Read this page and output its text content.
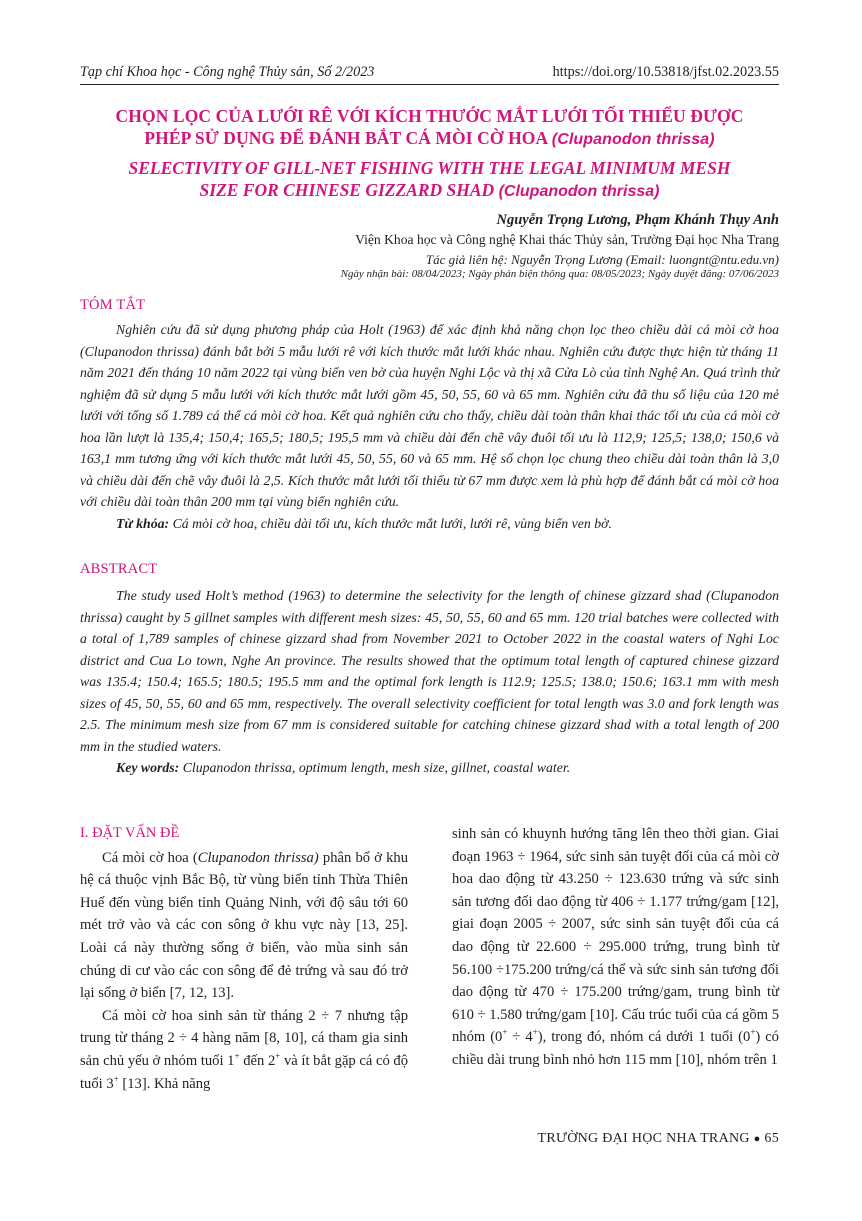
Tạp chí Khoa học - Công nghệ Thủy sản, Số 2/2023	https://doi.org/10.53818/jfst.02.2023.55

CHỌN LỌC CỦA LƯỚI RÊ VỚI KÍCH THƯỚC MẮT LƯỚI TỐI THIỂU ĐƯỢC
PHÉP SỬ DỤNG ĐỂ ĐÁNH BẮT CÁ MÒI CỜ HOA (Clupanodon thrissa)

SELECTIVITY OF GILL-NET FISHING WITH THE LEGAL MINIMUM MESH
SIZE FOR CHINESE GIZZARD SHAD (Clupanodon thrissa)

Nguyễn Trọng Lương, Phạm Khánh Thụy Anh
Viện Khoa học và Công nghệ Khai thác Thủy sản, Trường Đại học Nha Trang
Tác giả liên hệ: Nguyễn Trọng Lương (Email: luongnt@ntu.edu.vn)
Ngày nhận bài: 08/04/2023; Ngày phản biện thông qua: 08/05/2023; Ngày duyệt đăng: 07/06/2023
TÓM TẮT

Nghiên cứu đã sử dụng phương pháp của Holt (1963) để xác định khả năng chọn lọc theo chiều dài cá mòi cờ hoa (Clupanodon thrissa) đánh bắt bởi 5 mẫu lưới rê với kích thước mắt lưới khác nhau. Nghiên cứu được thực hiện từ tháng 11 năm 2021 đến tháng 10 năm 2022 tại vùng biển ven bờ của huyện Nghi Lộc và thị xã Cửa Lò của tỉnh Nghệ An. Quá trình thử nghiệm đã sử dụng 5 mẫu lưới với kích thước mắt lưới gồm 45, 50, 55, 60 và 65 mm. Nghiên cứu đã thu số liệu của 120 mẻ lưới với tổng số 1.789 cá thể cá mòi cờ hoa. Kết quả nghiên cứu cho thấy, chiều dài toàn thân khai thác tối ưu của cá mòi cờ hoa lần lượt là 135,4; 150,4; 165,5; 180,5; 195,5 mm và chiều dài đến chẽ vây đuôi tối ưu là 112,9; 125,5; 138,0; 150,6 và 163,1 mm tương ứng với kích thước mắt lưới 45, 50, 55, 60 và 65 mm. Hệ số chọn lọc chung theo chiều dài toàn thân là 3,0 và chiều dài đến chẽ vây đuôi là 2,5. Kích thước mắt lưới tối thiểu từ 67 mm được xem là phù hợp để đánh bắt cá mòi cờ hoa với chiều dài toàn thân 200 mm tại vùng biển nghiên cứu.

Từ khóa: Cá mòi cờ hoa, chiều dài tối ưu, kích thước mắt lưới, lưới rê, vùng biển ven bờ.

ABSTRACT

The study used Holt’s method (1963) to determine the selectivity for the length of chinese gizzard shad (Clupanodon thrissa) caught by 5 gillnet samples with different mesh sizes: 45, 50, 55, 60 and 65 mm. 120 trial batches were collected with a total of 1,789 samples of chinese gizzard shad from November 2021 to October 2022 in the coastal waters of Nghi Loc district and Cua Lo town, Nghe An province. The results showed that the optimum total length of captured chinese gizzard was 135.4; 150.4; 165.5; 180.5; 195.5 mm and the optimal fork length is 112.9; 125.5; 138.0; 150.6; 163.1 mm with mesh sizes of 45, 50, 55, 60 and 65 mm, respectively. The overall selectivity coefficient for total length was 3.0 and fork length was 2.5. The minimum mesh size from 67 mm is considered suitable for catching chinese gizzard shad with a total length of 200 mm in the studied waters.

Key words: Clupanodon thrissa, optimum length, mesh size, gillnet, coastal water.

I. ĐẶT VẤN ĐỀ

Cá mòi cờ hoa (Clupanodon thrissa) phân bố ở khu hệ cá thuộc vịnh Bắc Bộ, từ vùng biển tỉnh Thừa Thiên Huế đến vùng biển tỉnh Quảng Ninh, với độ sâu tới 60 mét trở vào và các con sông ở khu vực này [13, 25]. Loài cá này thường sống ở biển, vào mùa sinh sản chúng di cư vào các con sông để đẻ trứng và sau đó trở lại sống ở biển [7, 12, 13].

Cá mòi cờ hoa sinh sản từ tháng 2 ÷ 7 nhưng tập trung từ tháng 2 ÷ 4 hàng năm [8, 10], cá tham gia sinh sản chủ yếu ở nhóm tuổi 1+ đến 2+ và ít bắt gặp cá có độ tuổi 3+ [13]. Khả năng

sinh sản có khuynh hướng tăng lên theo thời gian. Giai đoạn 1963 ÷ 1964, sức sinh sản tuyệt đối của cá mòi cờ hoa dao động từ 43.250 ÷ 123.630 trứng và sức sinh sản tương đối dao động từ 406 ÷ 1.177 trứng/gam [12], giai đoạn 2005 ÷ 2007, sức sinh sản tuyệt đối của cá dao động từ 22.600 ÷ 295.000 trứng, trung bình từ 56.100 ÷175.200 trứng/cá thể và sức sinh sản tương đối dao động từ 470 ÷ 175.200 trứng/gam, trung bình từ 610 ÷ 1.580 trứng/gam [10]. Cấu trúc tuổi của cá gồm 5 nhóm (0+ ÷ 4+), trong đó, nhóm cá dưới 1 tuổi (0+) có chiều dài trung bình nhỏ hơn 115 mm [10], nhóm trên 1

TRƯỜNG ĐẠI HỌC NHA TRANG ● 65
